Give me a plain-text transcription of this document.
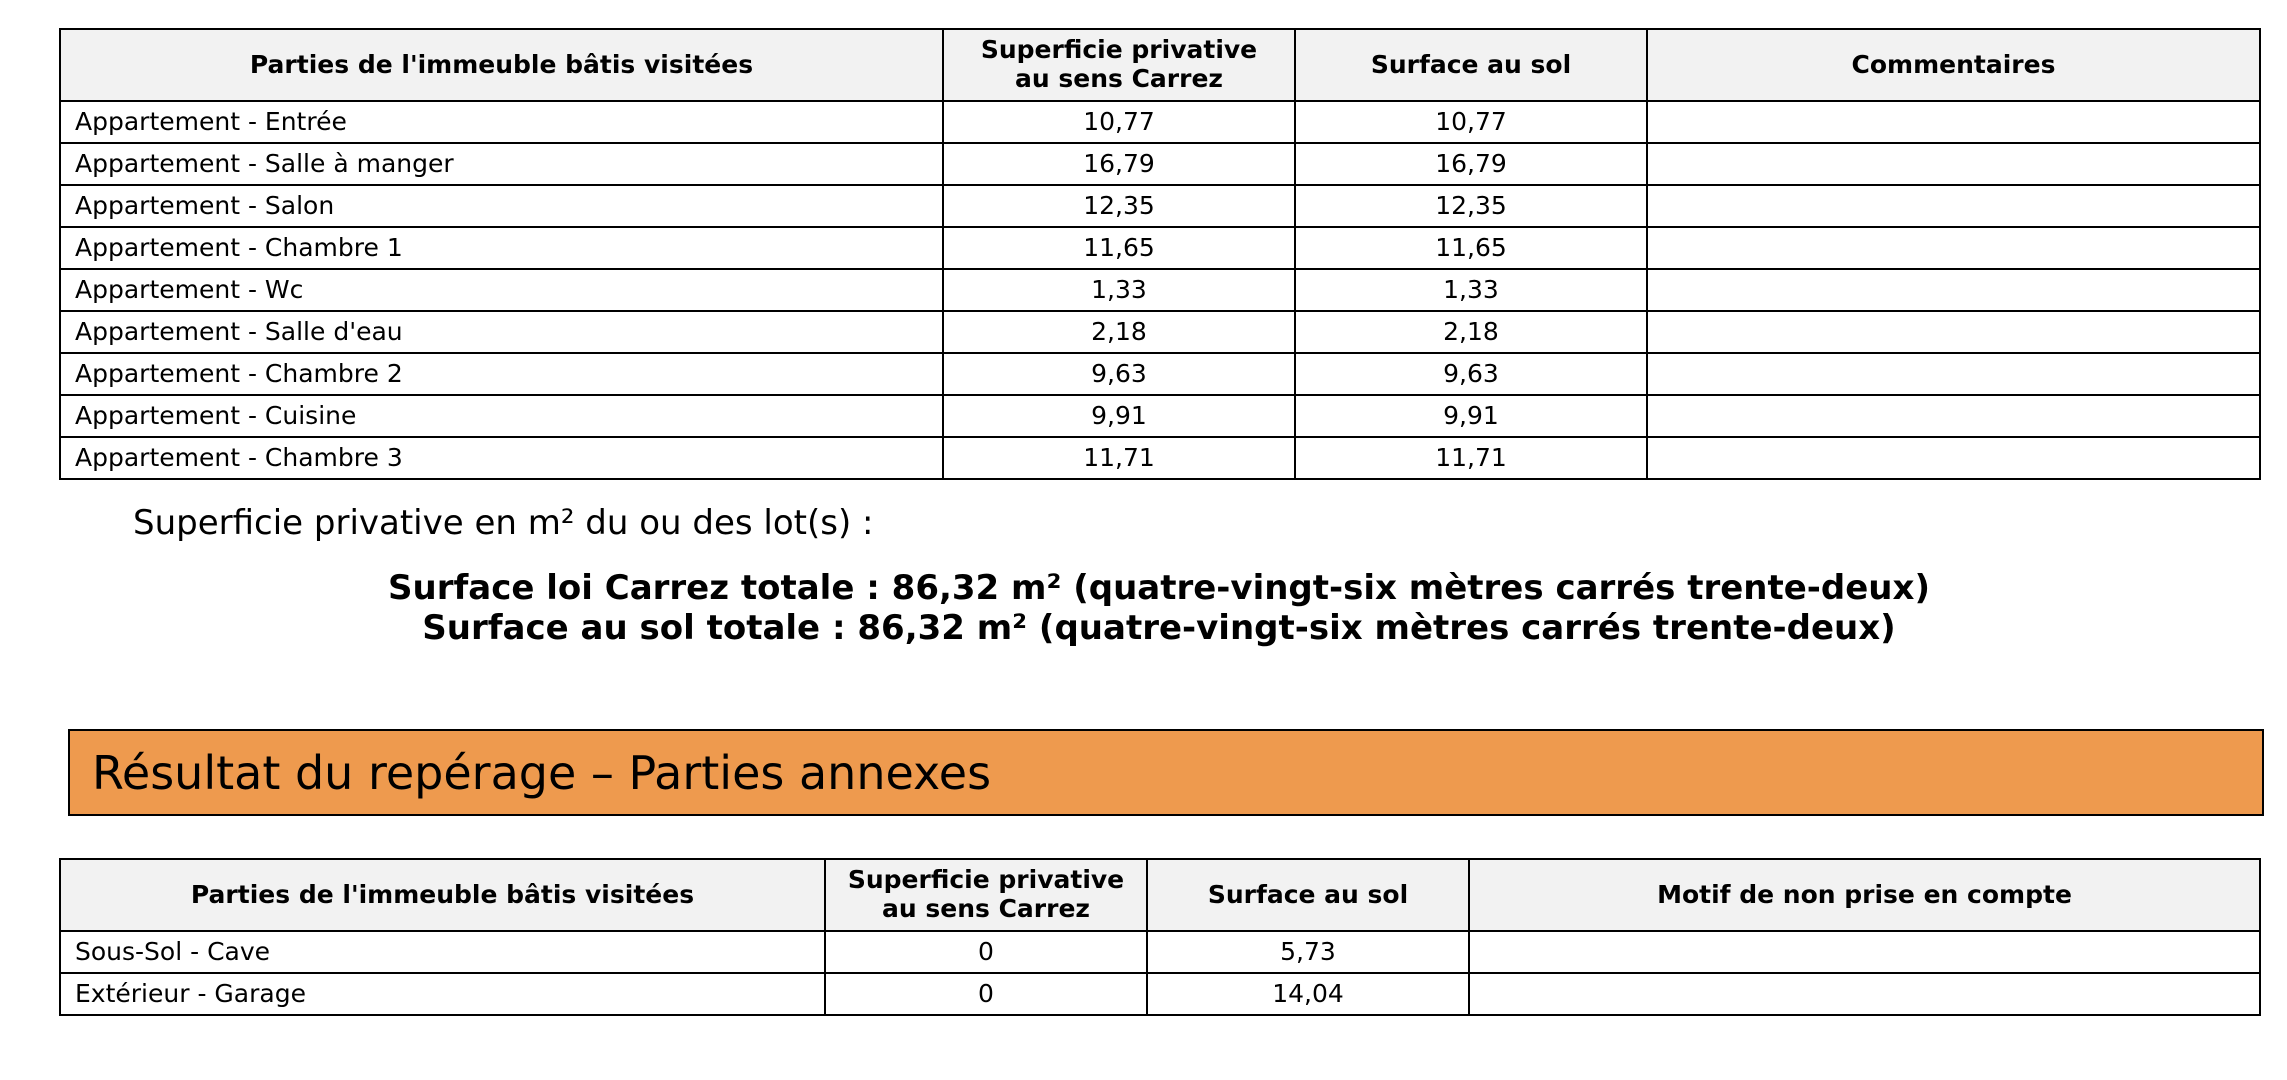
Parties de l'immeuble bâtis visitées	Superficie privative au sens Carrez	Surface au sol	Commentaires
Appartement - Entrée	10,77	10,77	
Appartement - Salle à manger	16,79	16,79	
Appartement - Salon	12,35	12,35	
Appartement - Chambre 1	11,65	11,65	
Appartement - Wc	1,33	1,33	
Appartement - Salle d'eau	2,18	2,18	
Appartement - Chambre 2	9,63	9,63	
Appartement - Cuisine	9,91	9,91	
Appartement - Chambre 3	11,71	11,71	

Superficie privative en m² du ou des lot(s) :

Surface loi Carrez totale : 86,32 m² (quatre-vingt-six mètres carrés trente-deux)
Surface au sol totale : 86,32 m² (quatre-vingt-six mètres carrés trente-deux)
Résultat du repérage – Parties annexes
Parties de l'immeuble bâtis visitées	Superficie privative au sens Carrez	Surface au sol	Motif de non prise en compte
Sous-Sol - Cave	0	5,73	
Extérieur - Garage	0	14,04	
